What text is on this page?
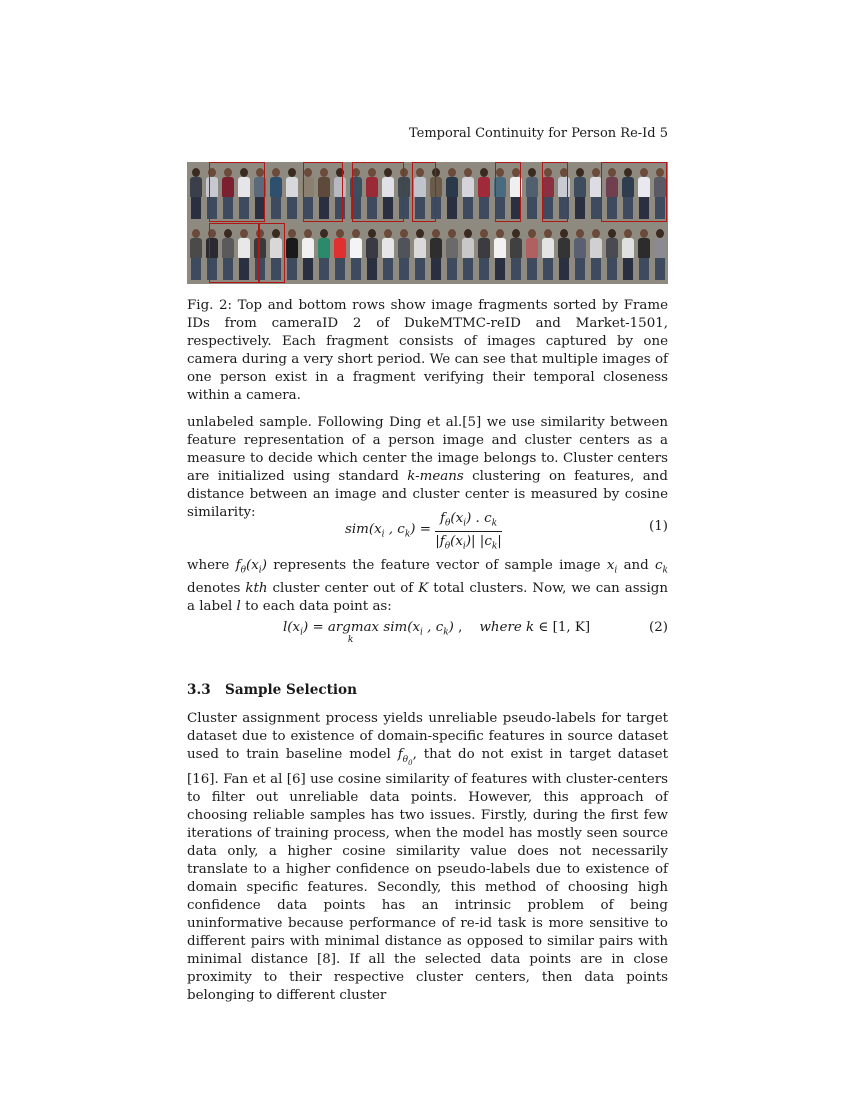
Temporal Continuity for Person Re-Id 5
Fig. 2: Top and bottom rows show image fragments sorted by Frame IDs from cameraID 2 of DukeMTMC-reID and Market-1501, respectively. Each fragment consists of images captured by one camera during a very short period. We can see that multiple images of one person exist in a fragment verifying their temporal closeness within a camera.

unlabeled sample. Following Ding et al.[5] we use similarity between feature representation of a person image and cluster centers as a measure to decide which center the image belongs to. Cluster centers are initialized using standard k-means clustering on features, and distance between an image and cluster center is measured by cosine similarity:

$sim(x_i$ , $c_k) = \frac{f_\theta(x_i) . c_k}{|f_\theta(x_i)| |c_k|}$	(1)

where $f_\theta(x_i)$ represents the feature vector of sample image $x_i$ and $c_k$ denotes kth cluster center out of K total clusters. Now, we can assign a label l to each data point as:

$l(x_i) = argmax$
k
$sim(x_i$ , $c_k$) ,    where k ∈ [1, K]	(2)
3.3 Sample Selection

Cluster assignment process yields unreliable pseudo-labels for target dataset due to existence of domain-specific features in source dataset used to train baseline model $f_{\theta_0}$, that do not exist in target dataset [16]. Fan et al [6] use cosine similarity of features with cluster-centers to filter out unreliable data points. However, this approach of choosing reliable samples has two issues. Firstly, during the first few iterations of training process, when the model has mostly seen source data only, a higher cosine similarity value does not necessarily translate to a higher confidence on pseudo-labels due to existence of domain specific features. Secondly, this method of choosing high confidence data points has an intrinsic problem of being uninformative because performance of re-id task is more sensitive to different pairs with minimal distance as opposed to similar pairs with minimal distance [8]. If all the selected data points are in close proximity to their respective cluster centers, then data points belonging to different cluster
